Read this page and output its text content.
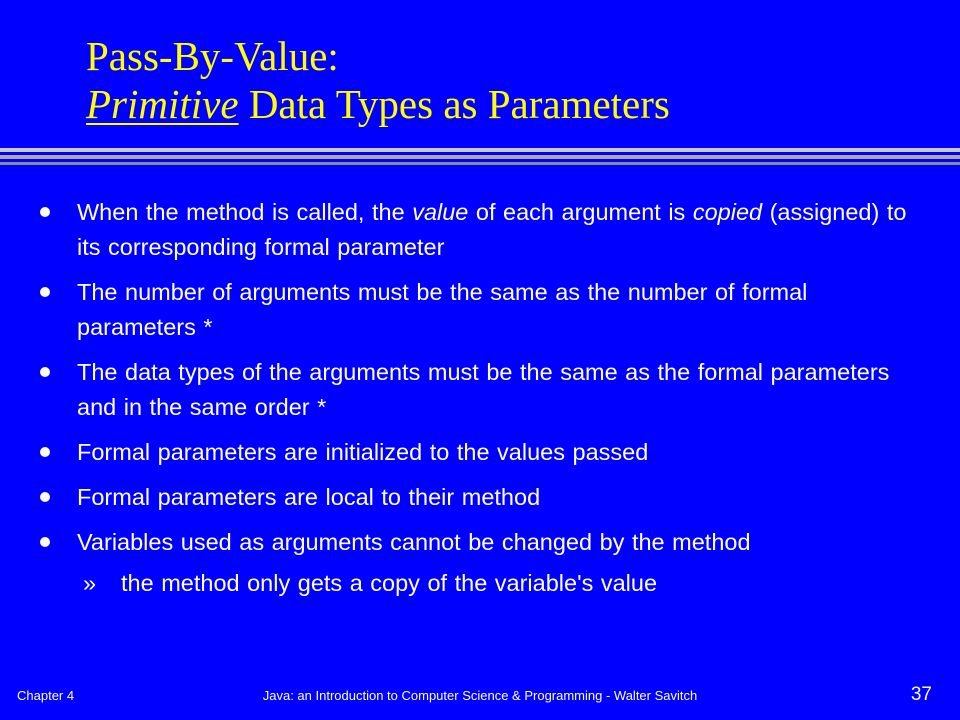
Pass-By-Value:
Primitive Data Types as Parameters
When the method is called, the value of each argument is copied (assigned) to its corresponding formal parameter
The number of arguments must be the same as the number of formal parameters *
The data types of the arguments must be the same as the formal parameters and in the same order *
Formal parameters are initialized to the values passed
Formal parameters are local to their method
Variables used as arguments cannot be changed by the method
» the method only gets a copy of the variable's value
Chapter 4	Java: an Introduction to Computer Science & Programming - Walter Savitch	37
